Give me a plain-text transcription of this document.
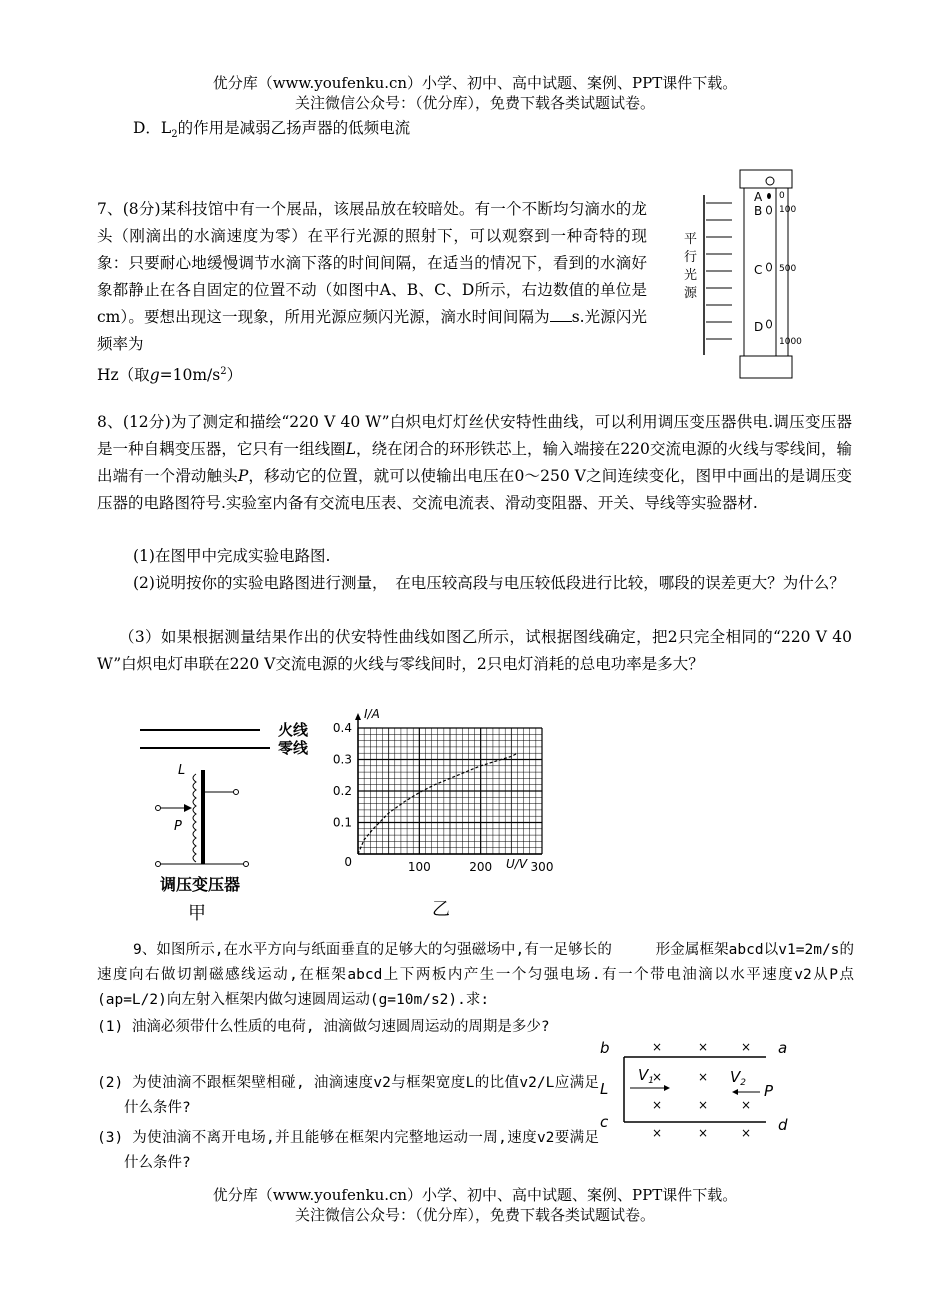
优分库（www.youfenku.cn）小学、初中、高中试题、案例、PPT课件下载。
关注微信公众号：（优分库），免费下载各类试题试卷。
D．$L_2$的作用是减弱乙扬声器的低频电流
7、(8分)某科技馆中有一个展品，该展品放在较暗处。有一个不断均匀滴水的龙头（刚滴出的水滴速度为零）在平行光源的照射下，可以观察到一种奇特的现象：只要耐心地缓慢调节水滴下落的时间间隔，在适当的情况下，看到的水滴好象都静止在各自固定的位置不动（如图中A、B、C、D所示，右边数值的单位是cm）。要想出现这一现象，所用光源应频闪光源，滴水时间间隔为 s.光源闪光频率为
Hz（取$g=10m/s^2$）
平
行
光
源
A
B
C
D
0
100
500
1000
8、(12分)为了测定和描绘“220 V 40 W”白炽电灯灯丝伏安特性曲线，可以利用调压变压器供电.调压变压器是一种自耦变压器，它只有一组线圈L，绕在闭合的环形铁芯上，输入端接在220交流电源的火线与零线间，输出端有一个滑动触头P，移动它的位置，就可以使输出电压在0～250 V之间连续变化，图甲中画出的是调压变压器的电路图符号.实验室内备有交流电压表、交流电流表、滑动变阻器、开关、导线等实验器材.
(1)在图甲中完成实验电路图.
(2)说明按你的实验电路图进行测量，　在电压较高段与电压较低段进行比较，哪段的误差更大？为什么？
（3）如果根据测量结果作出的伏安特性曲线如图乙所示，试根据图线确定，把2只完全相同的“220 V 40 W”白炽电灯串联在220 V交流电源的火线与零线间时，2只电灯消耗的总电功率是多大？
火线
零线
L
P
调压变压器
甲
0
0.1
0.2
0.3
0.4
100	200	300
I/A
U/V
乙
9、如图所示,在水平方向与纸面垂直的足够大的匀强磁场中,有一足够长的　　　形金属框架abcd以v1=2m/s的速度向右做切割磁感线运动,在框架abcd上下两板内产生一个匀强电场.有一个带电油滴以水平速度v2从P点(ap=L/2)向左射入框架内做匀速圆周运动(g=10m/s2).求:
(1) 油滴必须带什么性质的电荷, 油滴做匀速圆周运动的周期是多少?
(2) 为使油滴不跟框架壁相碰, 油滴速度v2与框架宽度L的比值v2/L应满足什么条件?
(3) 为使油滴不离开电场,并且能够在框架内完整地运动一周,速度v2要满足什么条件?
b	a
c	d
L
$V_1$	$V_2$ P
×	×	×
×	×
×	×	×
×	×	×
优分库（www.youfenku.cn）小学、初中、高中试题、案例、PPT课件下载。
关注微信公众号：（优分库），免费下载各类试题试卷。
